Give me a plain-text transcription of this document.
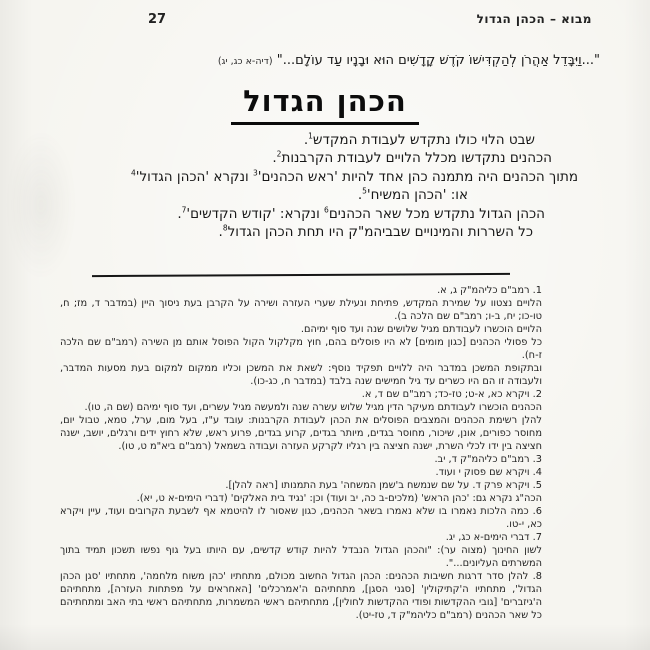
מבוא – הכהן הגדול
27
"...וַיִּבָּדֵל אַהֲרֹן לְהַקְדִּישׁוֹ קֹדֶשׁ קָדָשִׁים הוּא וּבָנָיו עַד עוֹלָם..." (דיה-א כג, יג)
הכהן הגדול
שבט הלוי כולו נתקדש לעבודת המקדש$^1$.
הכהנים נתקדשו מכלל הלויים לעבודת הקרבנות$^2$.
מתוך הכהנים היה מתמנה כהן אחד להיות 'ראש הכהנים'$^3$ ונקרא 'הכהן הגדול'$^4$
או: 'הכהן המשיח'$^5$.
הכהן הגדול נתקדש מכל שאר הכהנים$^6$ ונקרא: 'קודש הקדשים'$^7$.
כל השררות והמינויים שבביהמ"ק היו תחת הכהן הגדול$^8$.
1. רמב"ם כליהמ"ק ג, א.
הלויים נצטוו על שמירת המקדש, פתיחת ונעילת שערי העזרה ושירה על הקרבן בעת ניסוך היין (במדבר ד, מז; ח, טו-כו; יח, ב-ו; רמב"ם שם הלכה ב).
הלויים הוכשרו לעבודתם מגיל שלושים שנה ועד סוף ימיהם.
כל פסולי הכהנים [כגון מומים] לא היו פוסלים בהם, חוץ מקלקול הקול הפוסל אותם מן השירה (רמב"ם שם הלכה ז-ח).
ובתקופת המשכן במדבר היה ללויים תפקיד נוסף: לשאת את המשכן וכליו ממקום למקום בעת מסעות המדבר, ולעבודה זו הם היו כשרים עד גיל חמישים שנה בלבד (במדבר ח, כג-כו).
2. ויקרא כא, א-ט; טז-כד; רמב"ם שם ד, א.
הכהנים הוכשרו לעבודתם מעיקר הדין מגיל שלוש עשרה שנה ולמעשה מגיל עשרים, ועד סוף ימיהם (שם ה, טו).
להלן רשימת הכהנים והמצבים הפוסלים את הכהן לעבודת הקרבנות: עובד ע"ז, בעל מום, ערל, טמא, טבול יום, מחוסר כפורים, אונן, שיכור, מחוסר בגדים, מיותר בגדים, קרוע בגדים, פרוע ראש, שלא רחוץ ידים ורגלים, יושב, ישנה חציצה בין ידו לכלי השרת, ישנה חציצה בין רגליו לקרקע העזרה ועבודה בשמאל (רמב"ם ביא"מ ט, טו).
3. רמב"ם כליהמ"ק ד, יב.
4. ויקרא שם פסוק י ועוד.
5. ויקרא פרק ד. על שם שנמשח ב'שמן המשחה' בעת התמנותו [ראה להלן].
הכה"ג נקרא גם: 'כהן הראש' (מלכים-ב כה, יב ועוד) וכן: 'נגיד בית האלקים' (דברי הימים-א ט, יא).
6. כמה הלכות נאמרו בו שלא נאמרו בשאר הכהנים, כגון שאסור לו להיטמא אף לשבעת הקרובים ועוד, עיין ויקרא כא, י-טו.
7. דברי הימים-א כג, יג.
לשון החינוך (מצוה ער): "והכהן הגדול הנבדל להיות קודש קדשים, עם היותו בעל גוף נפשו תשכון תמיד בתוך המשרתים העליונים...".
8. להלן סדר דרגות חשיבות הכהנים: הכהן הגדול החשוב מכולם, מתחתיו 'כהן משוח מלחמה', מתחתיו 'סגן הכהן הגדול', מתחתיו ה'קתיקולין' [סגני הסגן], מתחתיהם ה'אמרכלים' [האחראים על מפתחות העזרה], מתחתיהם ה'גיזברים' [גובי ההקדשות ופודי ההקדשות לחולין], מתחתיהם ראשי המשמרות, מתחתיהם ראשי בתי האב ומתחתיהם כל שאר הכהנים (רמב"ם כליהמ"ק ד, טז-יט).
